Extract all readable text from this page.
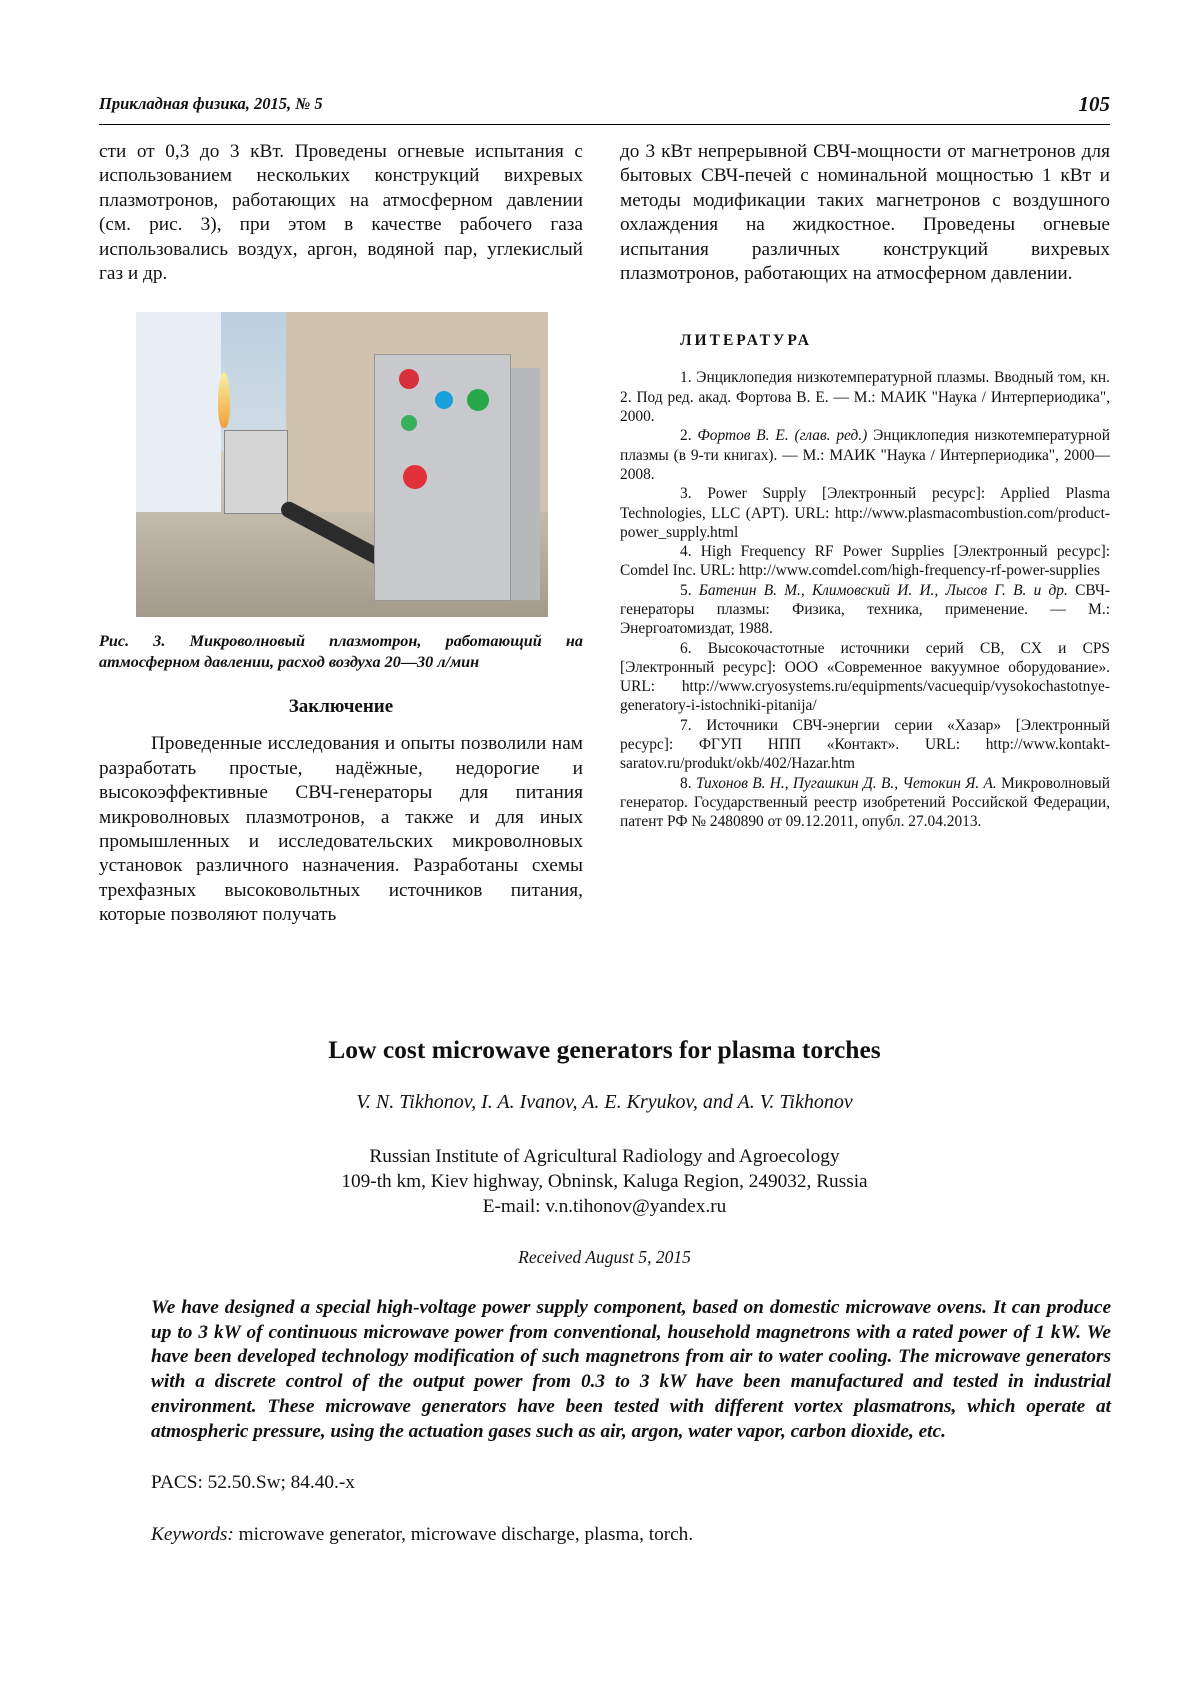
Прикладная физика, 2015, № 5	105

сти от 0,3 до 3 кВт. Проведены огневые испытания с использованием нескольких конструкций вихревых плазмотронов, работающих на атмосферном давлении (см. рис. 3), при этом в качестве рабочего газа использовались воздух, аргон, водяной пар, углекислый газ и др.

Рис. 3. Микроволновый плазмотрон, работающий на атмосферном давлении, расход воздуха 20—30 л/мин

Заключение

Проведенные исследования и опыты позволили нам разработать простые, надёжные, недорогие и высокоэффективные СВЧ-генераторы для питания микроволновых плазмотронов, а также и для иных промышленных и исследовательских микроволновых установок различного назначения. Разработаны схемы трехфазных высоковольтных источников питания, которые позволяют получать

до 3 кВт непрерывной СВЧ-мощности от магнетронов для бытовых СВЧ-печей с номинальной мощностью 1 кВт и методы модификации таких магнетронов с воздушного охлаждения на жидкостное. Проведены огневые испытания различных конструкций вихревых плазмотронов, работающих на атмосферном давлении.

ЛИТЕРАТУРА

1. Энциклопедия низкотемпературной плазмы. Вводный том, кн. 2. Под ред. акад. Фортова В. Е. — М.: МАИК "Наука / Интерпериодика", 2000.

2. Фортов В. Е. (глав. ред.) Энциклопедия низкотемпературной плазмы (в 9-ти книгах). — М.: МАИК "Наука / Интерпериодика", 2000—2008.

3. Power Supply [Электронный ресурс]: Applied Plasma Technologies, LLC (APT). URL: http://www.plasmacombustion.com/product-power_supply.html

4. High Frequency RF Power Supplies [Электронный ресурс]: Comdel Inc. URL: http://www.comdel.com/high-frequency-rf-power-supplies

5. Батенин В. М., Климовский И. И., Лысов Г. В. и др. СВЧ-генераторы плазмы: Физика, техника, применение. — М.: Энергоатомиздат, 1988.

6. Высокочастотные источники серий CB, CX и CPS [Электронный ресурс]: ООО «Современное вакуумное оборудование». URL: http://www.cryosystems.ru/equipments/vacuequip/vysokochastotnye-generatory-i-istochniki-pitanija/

7. Источники СВЧ-энергии серии «Хазар» [Электронный ресурс]: ФГУП НПП «Контакт». URL: http://www.kontakt-saratov.ru/produkt/okb/402/Hazar.htm

8. Тихонов В. Н., Пугашкин Д. В., Четокин Я. А. Микроволновый генератор. Государственный реестр изобретений Российской Федерации, патент РФ № 2480890 от 09.12.2011, опубл. 27.04.2013.

Low cost microwave generators for plasma torches

V. N. Tikhonov, I. A. Ivanov, A. E. Kryukov, and A. V. Tikhonov

Russian Institute of Agricultural Radiology and Agroecology
109-th km, Kiev highway, Obninsk, Kaluga Region, 249032, Russia
E-mail: v.n.tihonov@yandex.ru

Received August 5, 2015

We have designed a special high-voltage power supply component, based on domestic microwave ovens. It can produce up to 3 kW of continuous microwave power from conventional, household magnetrons with a rated power of 1 kW. We have been developed technology modification of such magnetrons from air to water cooling. The microwave generators with a discrete control of the output power from 0.3 to 3 kW have been manufactured and tested in industrial environment. These microwave generators have been tested with different vortex plasmatrons, which operate at atmospheric pressure, using the actuation gases such as air, argon, water vapor, carbon dioxide, etc.

PACS: 52.50.Sw; 84.40.-x

Keywords: microwave generator, microwave discharge, plasma, torch.
